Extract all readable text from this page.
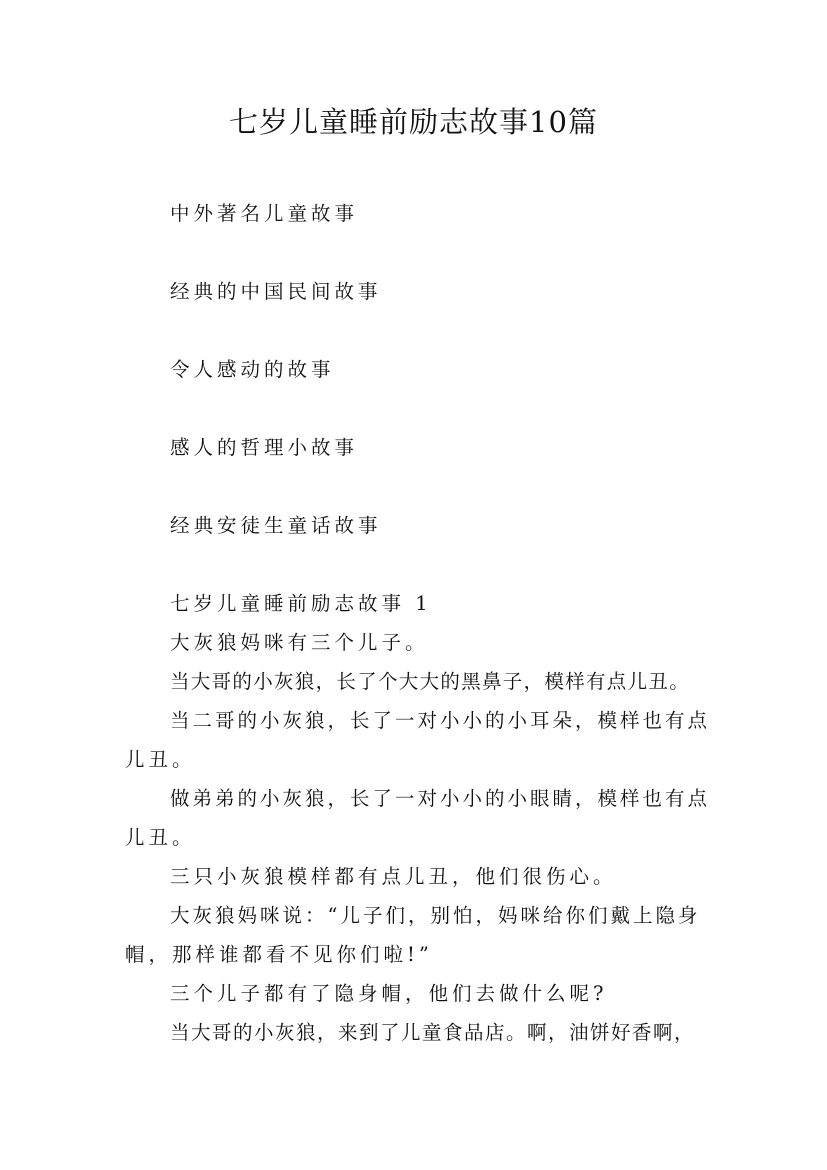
七岁儿童睡前励志故事10篇
中外著名儿童故事
经典的中国民间故事
令人感动的故事
感人的哲理小故事
经典安徒生童话故事
七岁儿童睡前励志故事 1
大灰狼妈咪有三个儿子。
当大哥的小灰狼，长了个大大的黑鼻子，模样有点儿丑。
当二哥的小灰狼，长了一对小小的小耳朵，模样也有点
儿丑。
做弟弟的小灰狼，长了一对小小的小眼睛，模样也有点
儿丑。
三只小灰狼模样都有点儿丑，他们很伤心。
大灰狼妈咪说：“儿子们，别怕，妈咪给你们戴上隐身
帽，那样谁都看不见你们啦!”
三个儿子都有了隐身帽，他们去做什么呢?
当大哥的小灰狼，来到了儿童食品店。啊，油饼好香啊，
